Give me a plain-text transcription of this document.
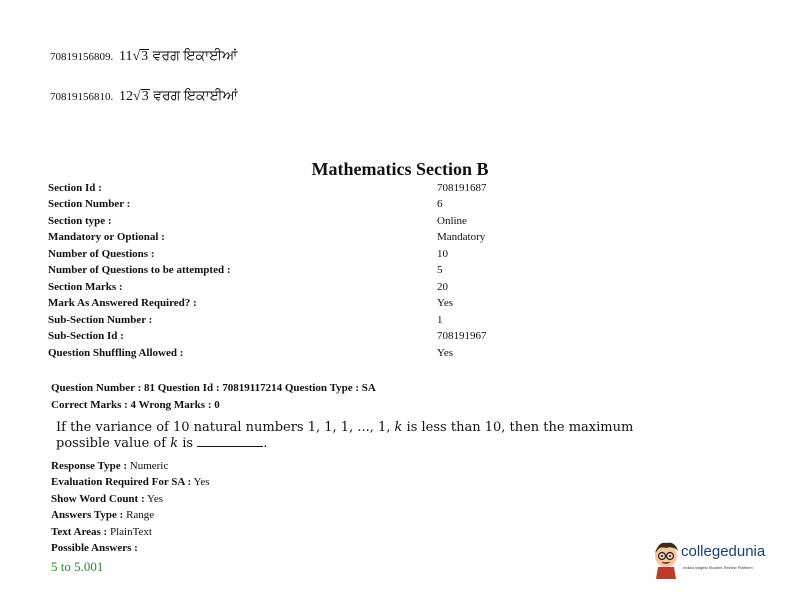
70819156809. 11√3 ਵਰਗ ਇਕਾਈਆਂ
70819156810. 12√3 ਵਰਗ ਇਕਾਈਆਂ
Mathematics Section B
Section Id :	708191687
Section Number :	6
Section type :	Online
Mandatory or Optional :	Mandatory
Number of Questions :	10
Number of Questions to be attempted :	5
Section Marks :	20
Mark As Answered Required? :	Yes
Sub-Section Number :	1
Sub-Section Id :	708191967
Question Shuffling Allowed :	Yes
Question Number : 81 Question Id : 70819117214 Question Type : SA
Correct Marks : 4 Wrong Marks : 0
If the variance of 10 natural numbers 1, 1, 1, ..., 1, k is less than 10, then the maximum
possible value of k is	.
Response Type : Numeric
Evaluation Required For SA : Yes
Show Word Count : Yes
Answers Type : Range
Text Areas : PlainText
Possible Answers :
5 to 5.001
collegedunia
India's largest Student Review Platform
